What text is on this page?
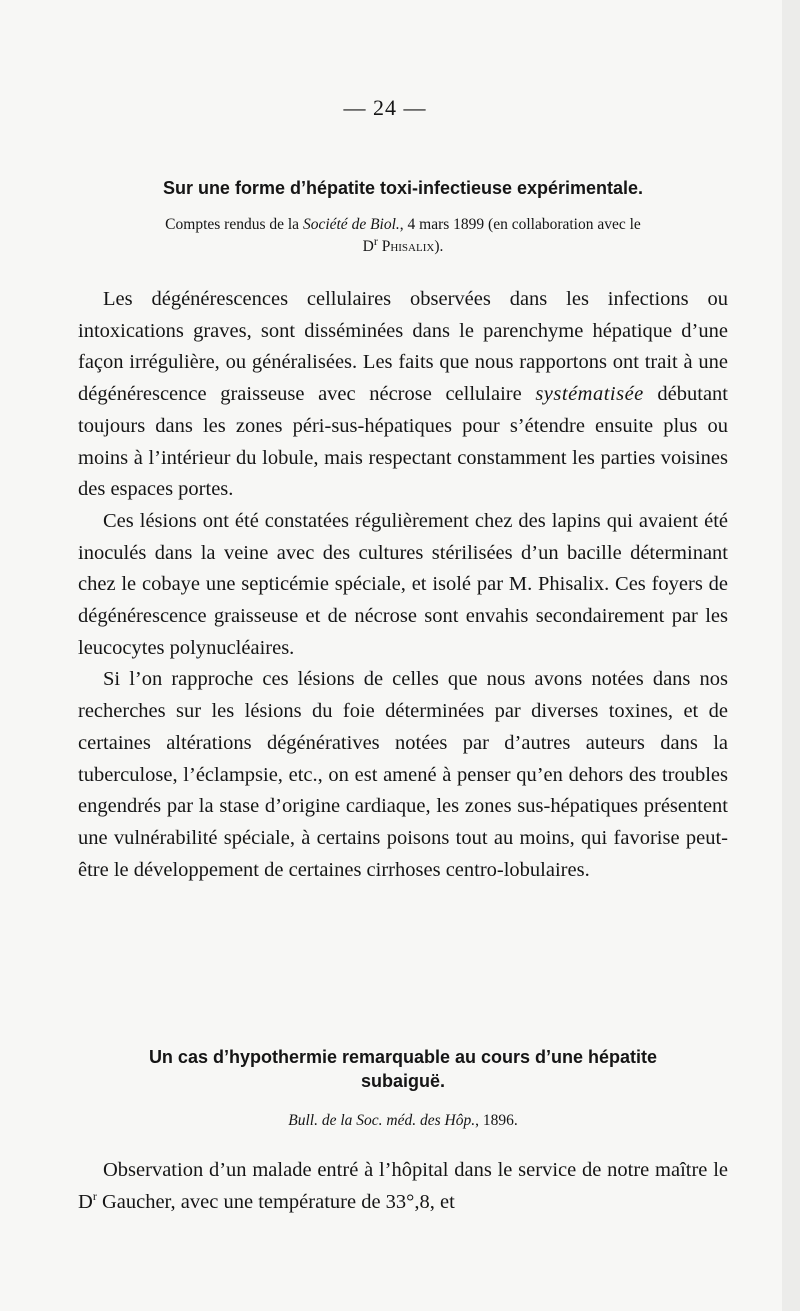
— 24 —
Sur une forme d’hépatite toxi-infectieuse expérimentale.
Comptes rendus de la Société de Biol., 4 mars 1899 (en collaboration avec le
$D^r$ Phisalix).

Les dégénérescences cellulaires observées dans les infections ou intoxications graves, sont disséminées dans le parenchyme hépatique d’une façon irrégulière, ou généralisées. Les faits que nous rapportons ont trait à une dégénérescence graisseuse avec nécrose cellulaire systématisée débutant toujours dans les zones péri-sus-hépatiques pour s’étendre ensuite plus ou moins à l’intérieur du lobule, mais respectant constamment les parties voisines des espaces portes.

Ces lésions ont été constatées régulièrement chez des lapins qui avaient été inoculés dans la veine avec des cultures stérilisées d’un bacille déterminant chez le cobaye une septicémie spéciale, et isolé par M. Phisalix. Ces foyers de dégénérescence graisseuse et de nécrose sont envahis secondairement par les leucocytes polynucléaires.

Si l’on rapproche ces lésions de celles que nous avons notées dans nos recherches sur les lésions du foie déterminées par diverses toxines, et de certaines altérations dégénératives notées par d’autres auteurs dans la tuberculose, l’éclampsie, etc., on est amené à penser qu’en dehors des troubles engendrés par la stase d’origine cardiaque, les zones sus-hépatiques présentent une vulnérabilité spéciale, à certains poisons tout au moins, qui favorise peut-être le développement de certaines cirrhoses centro-lobulaires.

Un cas d’hypothermie remarquable au cours d’une hépatite
subaiguë.
Bull. de la Soc. méd. des Hôp., 1896.

Observation d’un malade entré à l’hôpital dans le service de notre maître le $D^r$ Gaucher, avec une température de 33°,8, et
